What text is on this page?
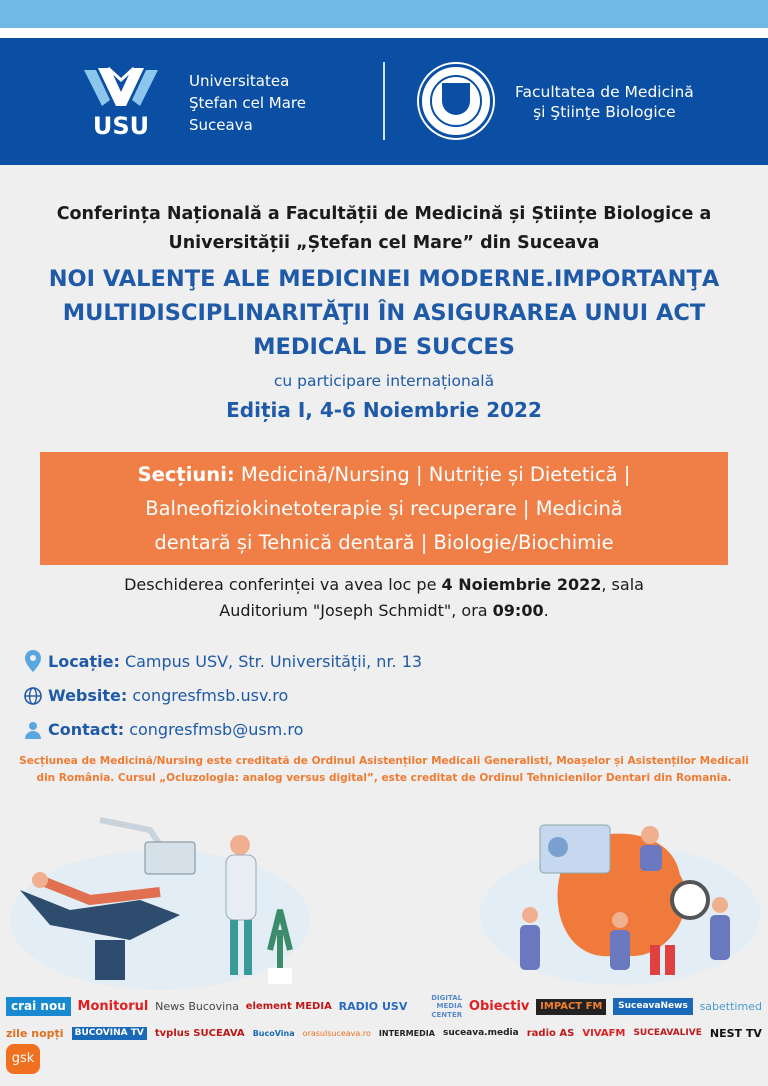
USU
Universitatea
Ştefan cel Mare
Suceava
Facultatea de Medicină
şi Ştiinţe Biologice
Conferința Națională a Facultății de Medicină și Științe Biologice a
Universității „Ștefan cel Mare” din Suceava
NOI VALENŢE ALE MEDICINEI MODERNE.IMPORTANŢA
MULTIDISCIPLINARITĂŢII ÎN ASIGURAREA UNUI ACT
MEDICAL DE SUCCES
cu participare internațională
Ediția I, 4-6 Noiembrie 2022
Secțiuni: Medicină/Nursing | Nutriție și Dietetică |
Balneofiziokinetoterapie și recuperare | Medicină
dentară și Tehnică dentară | Biologie/Biochimie
Deschiderea conferinței va avea loc pe 4 Noiembrie 2022, sala
Auditorium "Joseph Schmidt", ora 09:00.
Locație: Campus USV, Str. Universității, nr. 13
Website: congresfmsb.usv.ro
Contact: congresfmsb@usm.ro
Secțiunea de Medicină/Nursing este creditată de Ordinul Asistenților Medicali Generalisti, Moașelor și Asistenților Medicali
din România. Cursul „Ocluzologia: analog versus digital”, este creditat de Ordinul Tehnicienilor Dentari din Romania.
crai nou Monitorul News Bucovina element MEDIA RADIO USV
DIGITAL MEDIA CENTER
Obiectiv	IMPACT FM	SuceavaNews	sabettimed
zile nopți	BUCOVINA TV	tvplus SUCEAVA BucoVina orasulsuceava.ro INTERMEDIA suceava.media radio AS VIVAFM SUCEAVALIVE NEST TV
gsk
